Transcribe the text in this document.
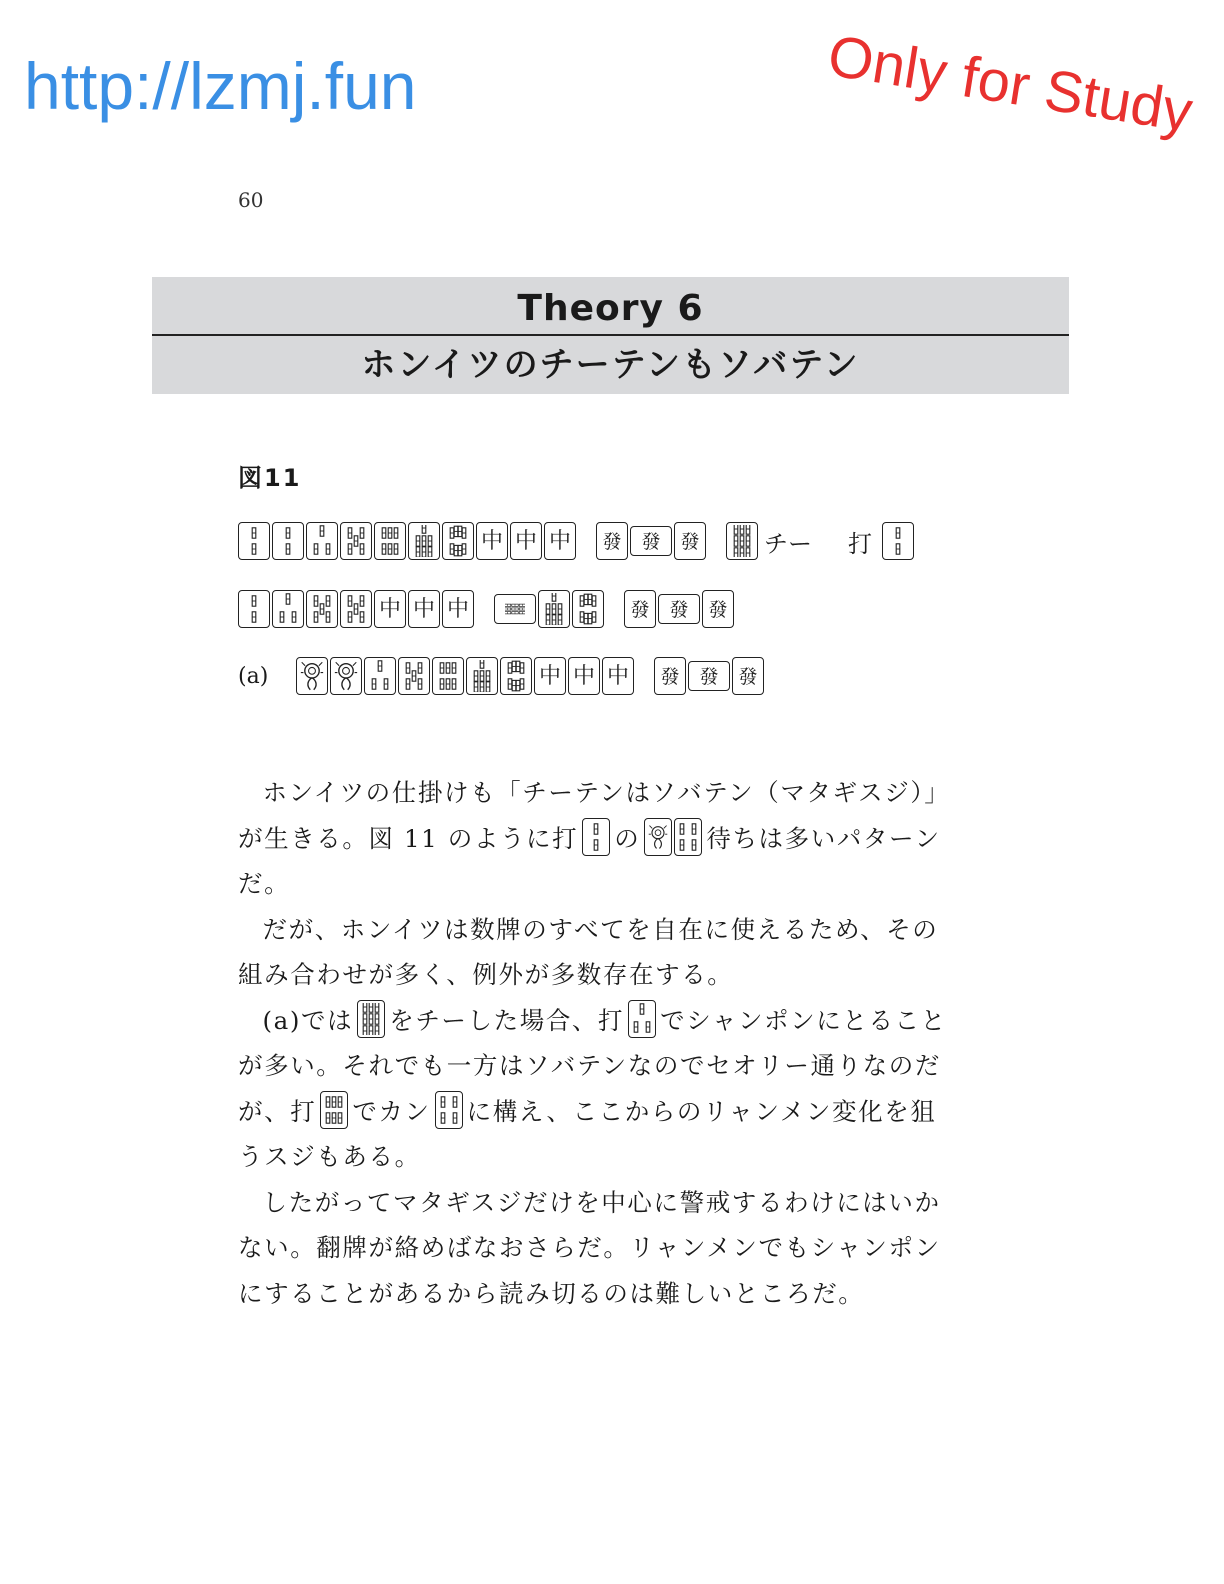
http://lzmj.fun	Only for Study
60
Theory 6
ホンイツのチーテンもソバテン
図11
中 中 中 發 發 發	チー 打
中 中 中	發 發 發
(a)	中 中 中 發 發 發

ホンイツの仕掛けも「チーテンはソバテン（マタギスジ）」が生きる。図 11 のように打 の	待ちは多いパターンだ。

だが、ホンイツは数牌のすべてを自在に使えるため、その組み合わせが多く、例外が多数存在する。

(a)では をチーした場合、打 でシャンポンにとることが多い。それでも一方はソバテンなのでセオリー通りなのだが、打 でカン に構え、ここからのリャンメン変化を狙うスジもある。

したがってマタギスジだけを中心に警戒するわけにはいかない。翻牌が絡めばなおさらだ。リャンメンでもシャンポンにすることがあるから読み切るのは難しいところだ。
